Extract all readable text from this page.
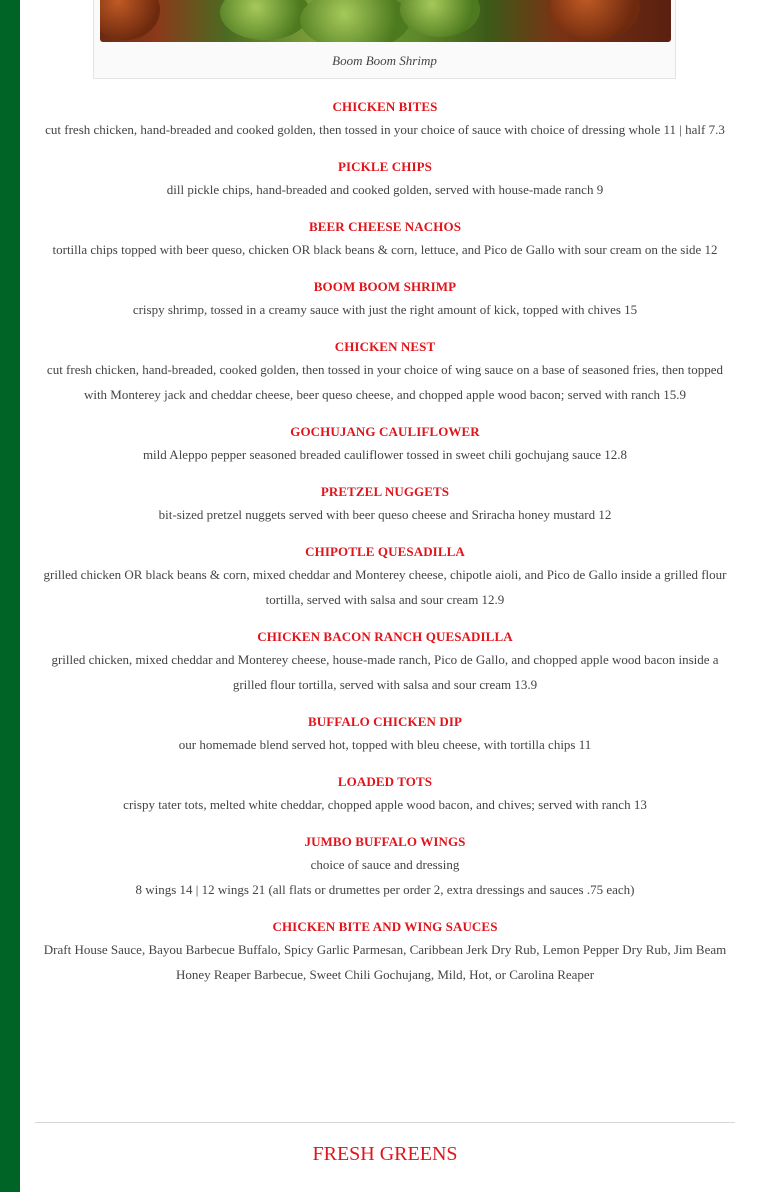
Boom Boom Shrimp
CHICKEN BITES
cut fresh chicken, hand-breaded and cooked golden, then tossed in your choice of sauce with choice of dressing whole 11 | half 7.3
PICKLE CHIPS
dill pickle chips, hand-breaded and cooked golden, served with house-made ranch 9
BEER CHEESE NACHOS
tortilla chips topped with beer queso, chicken OR black beans & corn, lettuce, and Pico de Gallo with sour cream on the side 12
BOOM BOOM SHRIMP
crispy shrimp, tossed in a creamy sauce with just the right amount of kick, topped with chives 15
CHICKEN NEST
cut fresh chicken, hand-breaded, cooked golden, then tossed in your choice of wing sauce on a base of seasoned fries, then topped with Monterey jack and cheddar cheese, beer queso cheese, and chopped apple wood bacon; served with ranch 15.9
GOCHUJANG CAULIFLOWER
mild Aleppo pepper seasoned breaded cauliflower tossed in sweet chili gochujang sauce 12.8
PRETZEL NUGGETS
bit-sized pretzel nuggets served with beer queso cheese and Sriracha honey mustard 12
CHIPOTLE QUESADILLA
grilled chicken OR black beans & corn, mixed cheddar and Monterey cheese, chipotle aioli, and Pico de Gallo inside a grilled flour tortilla, served with salsa and sour cream 12.9
CHICKEN BACON RANCH QUESADILLA
grilled chicken, mixed cheddar and Monterey cheese, house-made ranch, Pico de Gallo, and chopped apple wood bacon inside a grilled flour tortilla, served with salsa and sour cream 13.9
BUFFALO CHICKEN DIP
our homemade blend served hot, topped with bleu cheese, with tortilla chips 11
LOADED TOTS
crispy tater tots, melted white cheddar, chopped apple wood bacon, and chives; served with ranch 13
JUMBO BUFFALO WINGS
choice of sauce and dressing
8 wings 14 | 12 wings 21 (all flats or drumettes per order 2, extra dressings and sauces .75 each)
CHICKEN BITE AND WING SAUCES
Draft House Sauce, Bayou Barbecue Buffalo, Spicy Garlic Parmesan, Caribbean Jerk Dry Rub, Lemon Pepper Dry Rub, Jim Beam Honey Reaper Barbecue, Sweet Chili Gochujang, Mild, Hot, or Carolina Reaper
FRESH GREENS
